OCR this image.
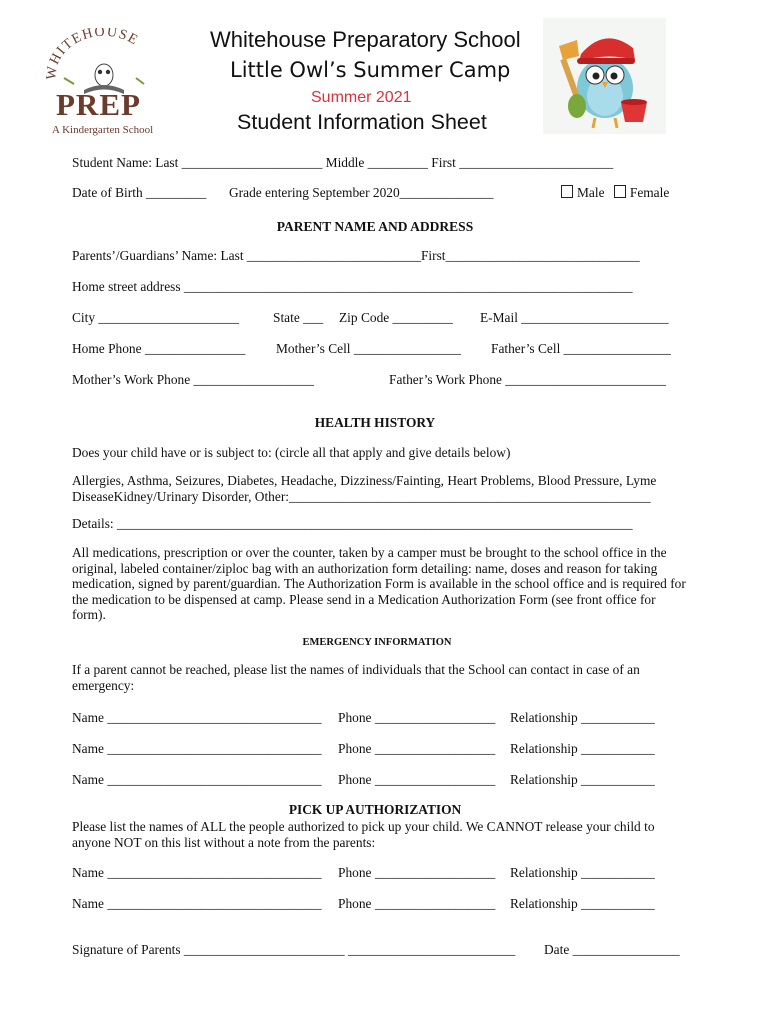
WHITEHOUSE
PREP
A Kindergarten School
Whitehouse Preparatory School
Little Owl’s Summer Camp
Summer 2021
Student Information Sheet
Student Name: Last _____________________ Middle _________ First _______________________
Date of Birth _________ Grade entering September 2020______________	Male Female
PARENT NAME AND ADDRESS
Parents’/Guardians’ Name: Last __________________________First_____________________________
Home street address ___________________________________________________________________
City _____________________	State ___ Zip Code _________ E-Mail ______________________
Home Phone _______________ Mother’s Cell ________________ Father’s Cell ________________
Mother’s Work Phone __________________	Father’s Work Phone ________________________
HEALTH HISTORY
Does your child have or is subject to: (circle all that apply and give details below)
Allergies, Asthma, Seizures, Diabetes, Headache, Dizziness/Fainting, Heart Problems, Blood Pressure, Lyme DiseaseKidney/Urinary Disorder, Other:______________________________________________________
Details: _____________________________________________________________________________
All medications, prescription or over the counter, taken by a camper must be brought to the school office in the original, labeled container/ziploc bag with an authorization form detailing: name, doses and reason for taking medication, signed by parent/guardian. The Authorization Form is available in the school office and is required for the medication to be dispensed at camp. Please send in a Medication Authorization Form (see front office for form).
EMERGENCY INFORMATION
If a parent cannot be reached, please list the names of individuals that the School can contact in case of an emergency:
Name ________________________________ Phone __________________ Relationship ___________
Name ________________________________ Phone __________________ Relationship ___________
Name ________________________________ Phone __________________ Relationship ___________
PICK UP AUTHORIZATION
Please list the names of ALL the people authorized to pick up your child. We CANNOT release your child to anyone NOT on this list without a note from the parents:
Name ________________________________ Phone __________________ Relationship ___________
Name ________________________________ Phone __________________ Relationship ___________
Signature of Parents ________________________ _________________________ Date ________________
